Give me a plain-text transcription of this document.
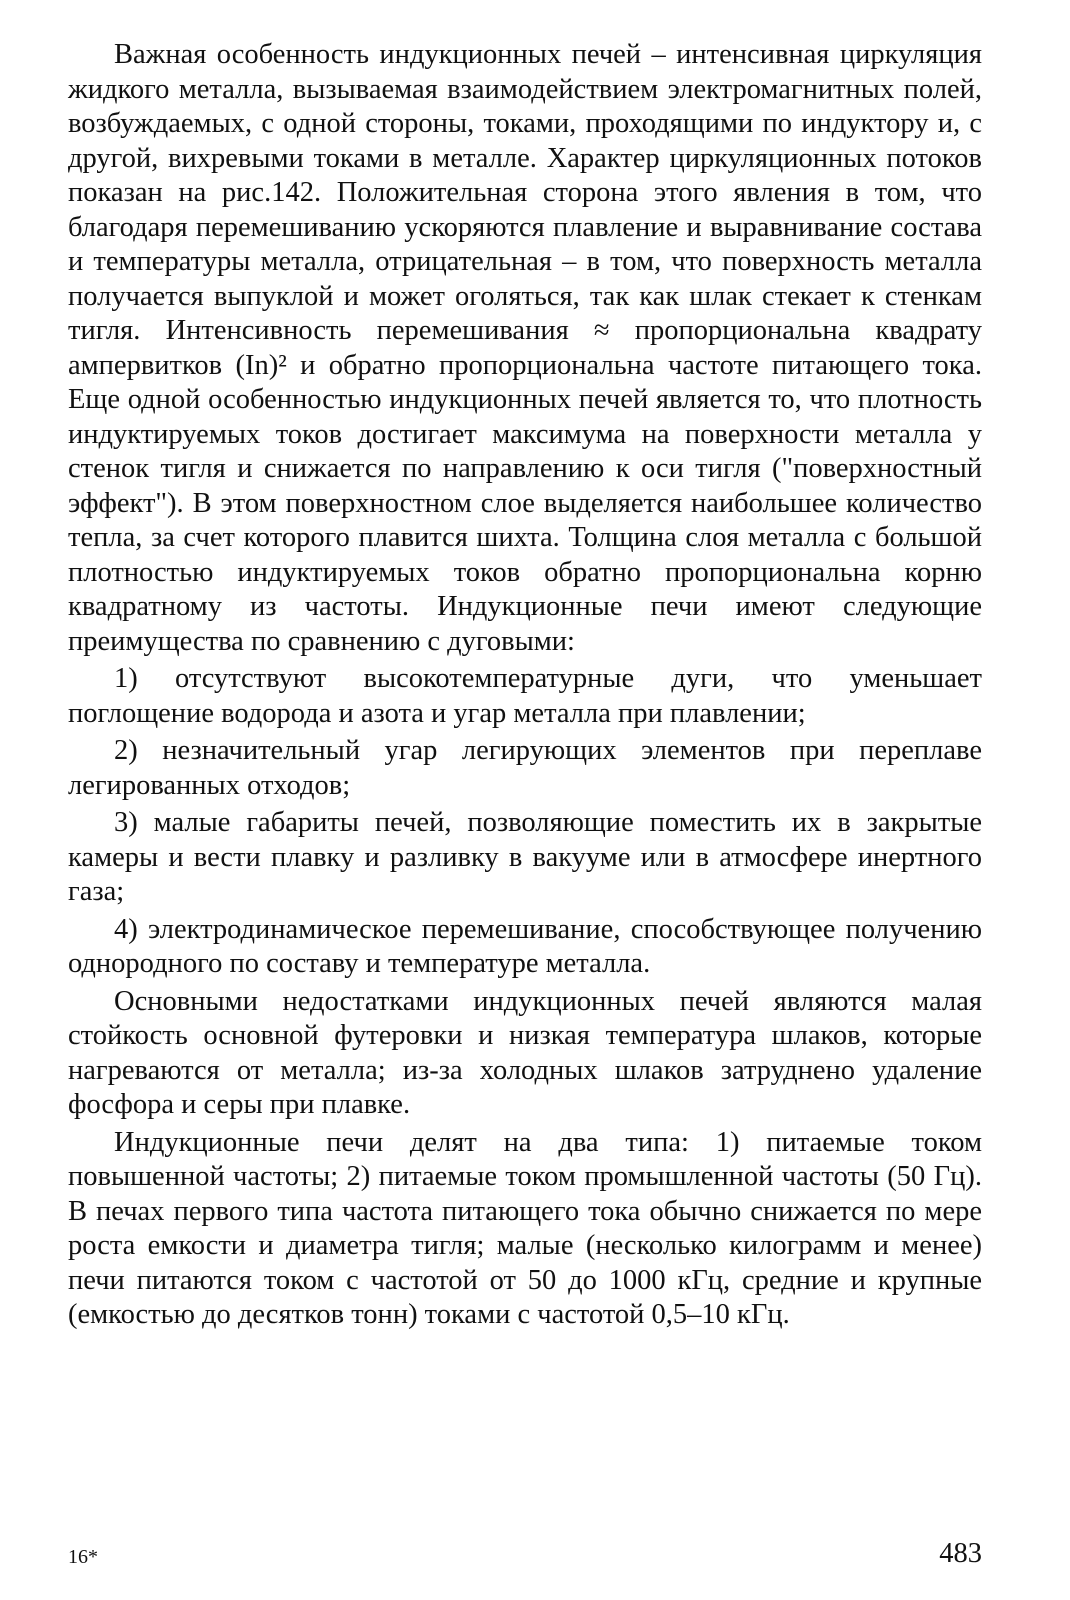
Важная особенность индукционных печей – интенсивная циркуляция жидкого металла, вызываемая взаимодействием электромагнитных полей, возбуждаемых, с одной стороны, токами, проходящими по индуктору и, с другой, вихревыми токами в металле. Характер циркуляционных потоков показан на рис.142. Положительная сторона этого явления в том, что благодаря перемешиванию ускоряются плавление и выравнивание состава и температуры металла, отрицательная – в том, что поверхность металла получается выпуклой и может оголяться, так как шлак стекает к стенкам тигля. Интенсивность перемешивания ≈ пропорциональна квадрату ампервитков (In)² и обратно пропорциональна частоте питающего тока. Еще одной особенностью индукционных печей является то, что плотность индуктируемых токов достигает максимума на поверхности металла у стенок тигля и снижается по направлению к оси тигля ("поверхностный эффект"). В этом поверхностном слое выделяется наибольшее количество тепла, за счет которого плавится шихта. Толщина слоя металла с большой плотностью индуктируемых токов обратно пропорциональна корню квадратному из частоты. Индукционные печи имеют следующие преимущества по сравнению с дуговыми:

1) отсутствуют высокотемпературные дуги, что уменьшает поглощение водорода и азота и угар металла при плавлении;

2) незначительный угар легирующих элементов при переплаве легированных отходов;

3) малые габариты печей, позволяющие поместить их в закрытые камеры и вести плавку и разливку в вакууме или в атмосфере инертного газа;

4) электродинамическое перемешивание, способствующее получению однородного по составу и температуре металла.

Основными недостатками индукционных печей являются малая стойкость основной футеровки и низкая температура шлаков, которые нагреваются от металла; из-за холодных шлаков затруднено удаление фосфора и серы при плавке.

Индукционные печи делят на два типа: 1) питаемые током повышенной частоты; 2) питаемые током промышленной частоты (50 Гц). В печах первого типа частота питающего тока обычно снижается по мере роста емкости и диаметра тигля; малые (несколько килограмм и менее) печи питаются током с частотой от 50 до 1000 кГц, средние и крупные (емкостью до десятков тонн) токами с частотой 0,5–10 кГц.

16*	483
